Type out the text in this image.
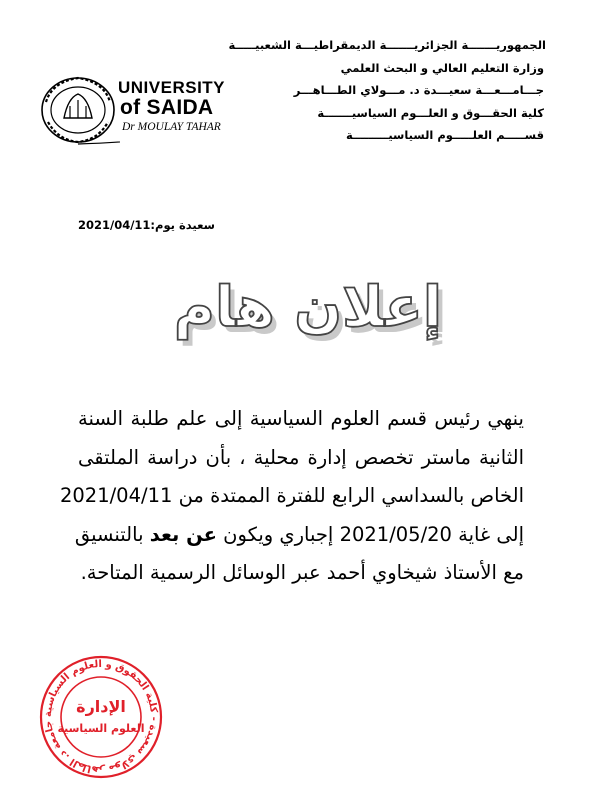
الجمهوريـــــــة الجزائريـــــــة الديمقراطيـــة الشعبيـــــة
وزارة التعليم العالي و البحث العلمي
جـــامـــعـــة سعيـــدة د. مـــولاي الطـــاهـــر
كلية الحقـــوق و العلـــوم السياسيـــــــة
قســـــم العلـــــوم السياسيـــــــــة
UNIVERSITY
of SAIDA
Dr MOULAY TAHAR
سعيدة يوم:2021/04/11
إعلان هام
ينهي رئيس قسم العلوم السياسية إلى علم طلبة السنة
الثانية ماستر تخصص إدارة محلية ، بأن دراسة الملتقى
الخاص بالسداسي الرابع للفترة الممتدة من 2021/04/11
إلى غاية 2021/05/20 إجباري ويكون عن بعد بالتنسيق
مع الأستاذ شيخاوي أحمد عبر الوسائل الرسمية المتاحة.
جامعة د. الطاهر مولاي سعيدة - كلية الحقوق و العلوم السياسية
الإدارة
العلوم السياسية
